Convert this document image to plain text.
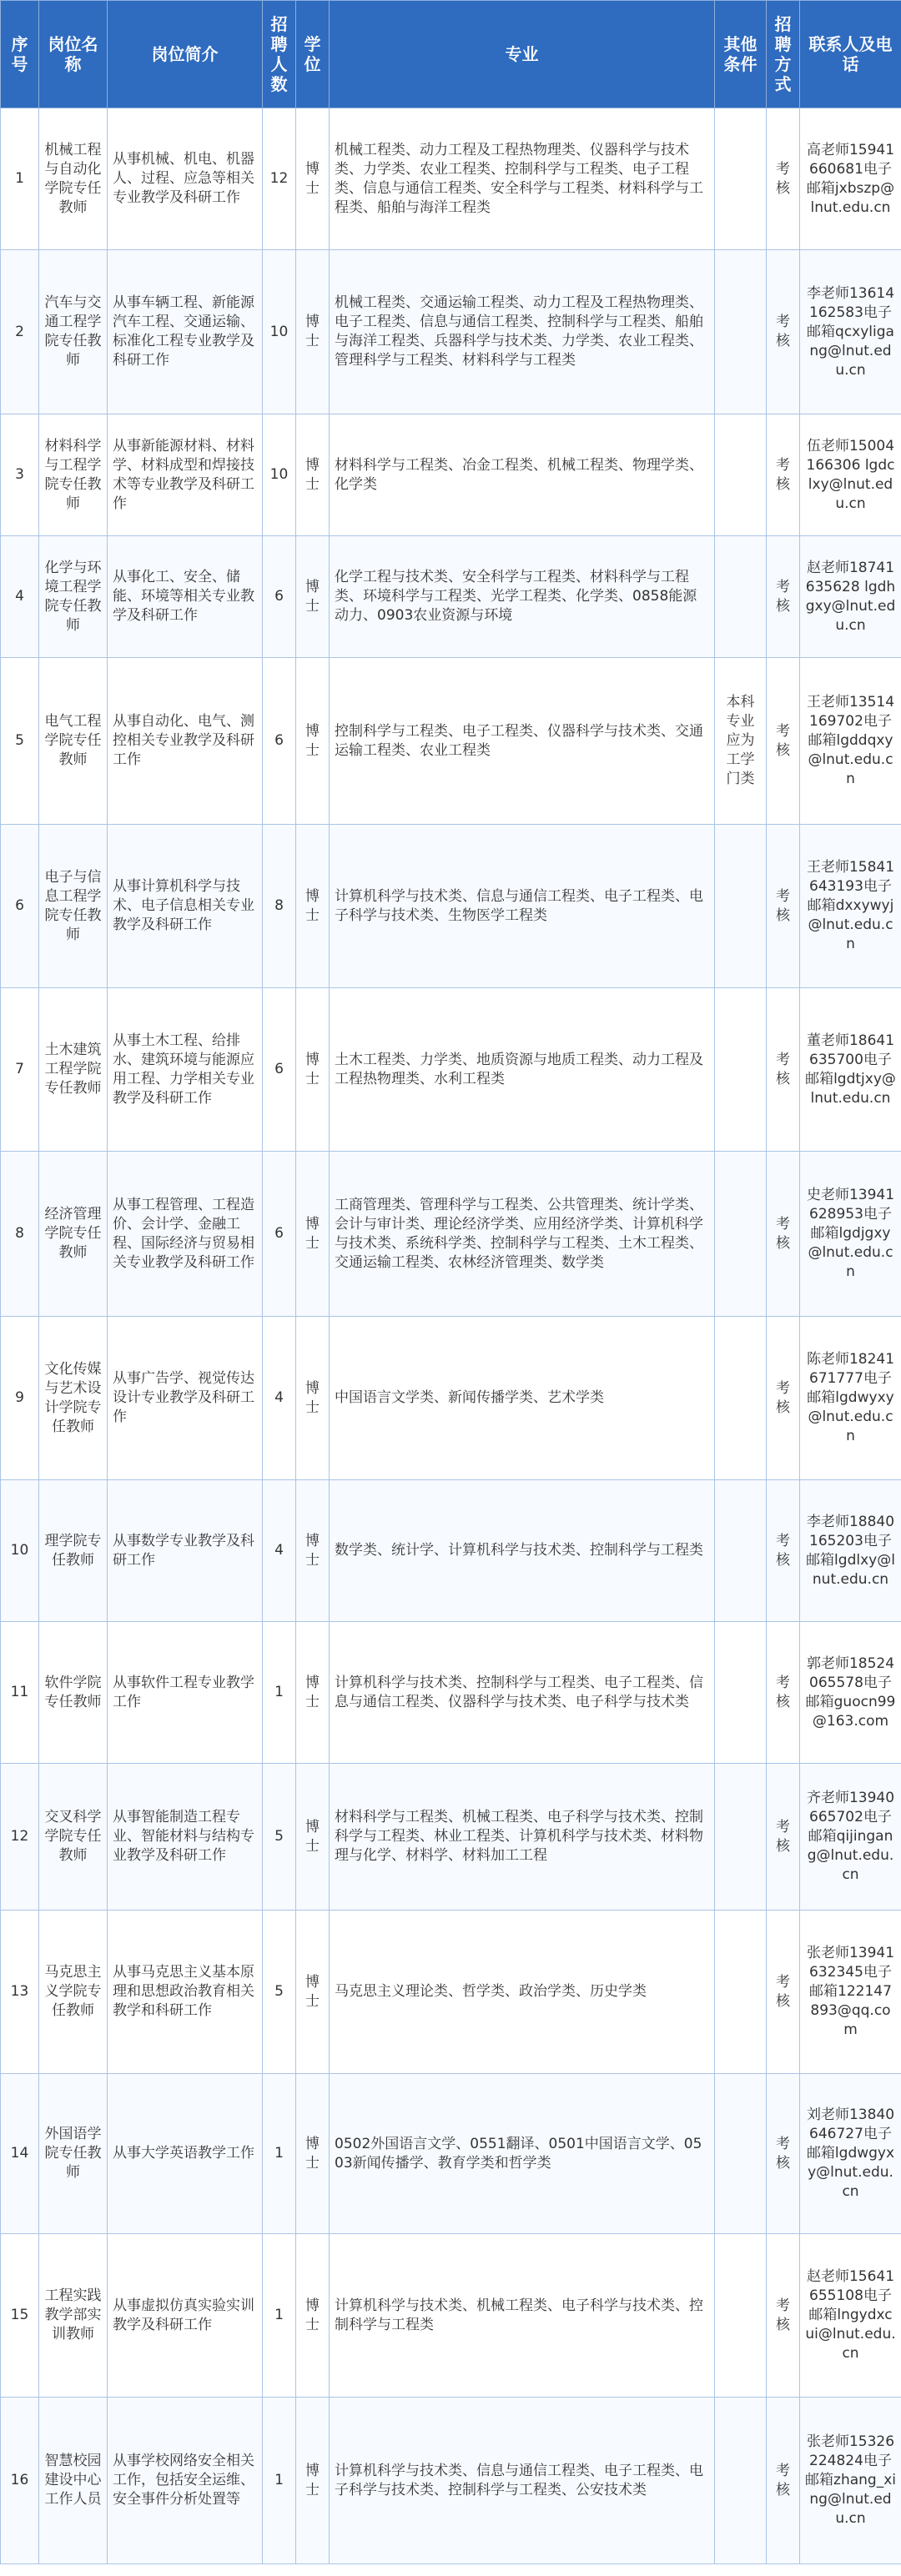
序号	岗位名称	岗位简介	招聘人数	学位	专业	其他条件	招聘方式	联系人及电话
1	机械工程与自动化学院专任教师	从事机械、机电、机器人、过程、应急等相关专业教学及科研工作	12	博士	机械工程类、动力工程及工程热物理类、仪器科学与技术类、力学类、农业工程类、控制科学与工程类、电子工程类、信息与通信工程类、安全科学与工程类、材料科学与工程类、船舶与海洋工程类		考核	高老师15941660681电子邮箱jxbszp@lnut.edu.cn
2	汽车与交通工程学院专任教师	从事车辆工程、新能源汽车工程、交通运输、标准化工程专业教学及科研工作	10	博士	机械工程类、交通运输工程类、动力工程及工程热物理类、电子工程类、信息与通信工程类、控制科学与工程类、船舶与海洋工程类、兵器科学与技术类、力学类、农业工程类、管理科学与工程类、材料科学与工程类		考核	李老师13614162583电子邮箱qcxyligang@lnut.edu.cn
3	材料科学与工程学院专任教师	从事新能源材料、材料学、材料成型和焊接技术等专业教学及科研工作	10	博士	材料科学与工程类、冶金工程类、机械工程类、物理学类、化学类		考核	伍老师15004166306 lgdclxy@lnut.edu.cn
4	化学与环境工程学院专任教师	从事化工、安全、储能、环境等相关专业教学及科研工作	6	博士	化学工程与技术类、安全科学与工程类、材料科学与工程类、环境科学与工程类、光学工程类、化学类、0858能源动力、0903农业资源与环境		考核	赵老师18741635628 lgdhgxy@lnut.edu.cn
5	电气工程学院专任教师	从事自动化、电气、测控相关专业教学及科研工作	6	博士	控制科学与工程类、电子工程类、仪器科学与技术类、交通运输工程类、农业工程类	本科专业应为工学门类	考核	王老师13514169702电子邮箱lgddqxy@lnut.edu.cn
6	电子与信息工程学院专任教师	从事计算机科学与技术、电子信息相关专业教学及科研工作	8	博士	计算机科学与技术类、信息与通信工程类、电子工程类、电子科学与技术类、生物医学工程类		考核	王老师15841643193电子邮箱dxxywyj@lnut.edu.cn
7	土木建筑工程学院专任教师	从事土木工程、给排水、建筑环境与能源应用工程、力学相关专业教学及科研工作	6	博士	土木工程类、力学类、地质资源与地质工程类、动力工程及工程热物理类、水利工程类		考核	董老师18641635700电子邮箱lgdtjxy@lnut.edu.cn
8	经济管理学院专任教师	从事工程管理、工程造价、会计学、金融工程、国际经济与贸易相关专业教学及科研工作	6	博士	工商管理类、管理科学与工程类、公共管理类、统计学类、会计与审计类、理论经济学类、应用经济学类、计算机科学与技术类、系统科学类、控制科学与工程类、土木工程类、交通运输工程类、农林经济管理类、数学类		考核	史老师13941628953电子邮箱lgdjgxy@lnut.edu.cn
9	文化传媒与艺术设计学院专任教师	从事广告学、视觉传达设计专业教学及科研工作	4	博士	中国语言文学类、新闻传播学类、艺术学类		考核	陈老师18241671777电子邮箱lgdwyxy@lnut.edu.cn
10	理学院专任教师	从事数学专业教学及科研工作	4	博士	数学类、统计学、计算机科学与技术类、控制科学与工程类		考核	李老师18840165203电子邮箱lgdlxy@lnut.edu.cn
11	软件学院专任教师	从事软件工程专业教学工作	1	博士	计算机科学与技术类、控制科学与工程类、电子工程类、信息与通信工程类、仪器科学与技术类、电子科学与技术类		考核	郭老师18524065578电子邮箱guocn99@163.com
12	交叉科学学院专任教师	从事智能制造工程专业、智能材料与结构专业教学及科研工作	5	博士	材料科学与工程类、机械工程类、电子科学与技术类、控制科学与工程类、林业工程类、计算机科学与技术类、材料物理与化学、材料学、材料加工工程		考核	齐老师13940665702电子邮箱qijingang@lnut.edu.cn
13	马克思主义学院专任教师	从事马克思主义基本原理和思想政治教育相关教学和科研工作	5	博士	马克思主义理论类、哲学类、政治学类、历史学类		考核	张老师13941632345电子邮箱122147893@qq.com
14	外国语学院专任教师	从事大学英语教学工作	1	博士	0502外国语言文学、0551翻译、0501中国语言文学、0503新闻传播学、教育学类和哲学类		考核	刘老师13840646727电子邮箱lgdwgyxy@lnut.edu.cn
15	工程实践教学部实训教师	从事虚拟仿真实验实训教学及科研工作	1	博士	计算机科学与技术类、机械工程类、电子科学与技术类、控制科学与工程类		考核	赵老师15641655108电子邮箱lngydxcui@lnut.edu.cn
16	智慧校园建设中心工作人员	从事学校网络安全相关工作，包括安全运维、安全事件分析处置等	1	博士	计算机科学与技术类、信息与通信工程类、电子工程类、电子科学与技术类、控制科学与工程类、公安技术类		考核	张老师15326224824电子邮箱zhang_xing@lnut.edu.cn
